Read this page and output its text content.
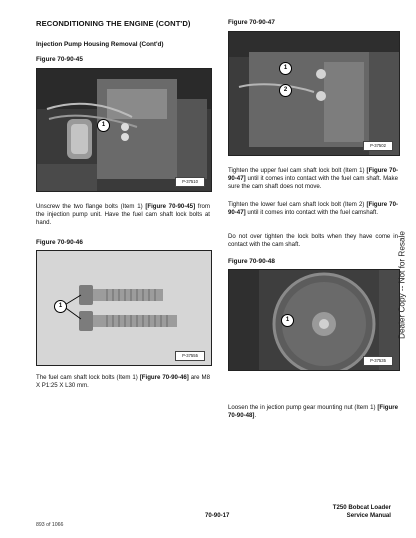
RECONDITIONING THE ENGINE (CONT'D)
Injection Pump Housing Removal (Cont'd)
Figure 70-90-45
1
P-37510
Unscrew the two flange bolts (Item 1) [Figure 70-90-45] from the injection pump unit. Have the fuel cam shaft lock bolts at hand.
Figure 70-90-46
1
P-37555
The fuel cam shaft lock bolts (Item 1) [Figure 70-90-46] are M8 X P1:25 X L30 mm.
Figure 70-90-47
1
2
P-37502
Tighten the upper fuel cam shaft lock bolt (Item 1) [Figure 70-90-47] until it comes into contact with the fuel cam shaft. Make sure the cam shaft does not move.
Tighten the lower fuel cam shaft lock bolt (Item 2) [Figure 70-90-47] until it comes into contact with the fuel camshaft.
Do not over tighten the lock bolts when they have come in contact with the cam shaft.
Figure 70-90-48
1
P-37535
Loosen the in jection pump gear mounting nut (Item 1) [Figure 70-90-48].
Dealer Copy -- Not for Resale
T250 Bobcat Loader
70-90-17	Service Manual
893 of 1066
